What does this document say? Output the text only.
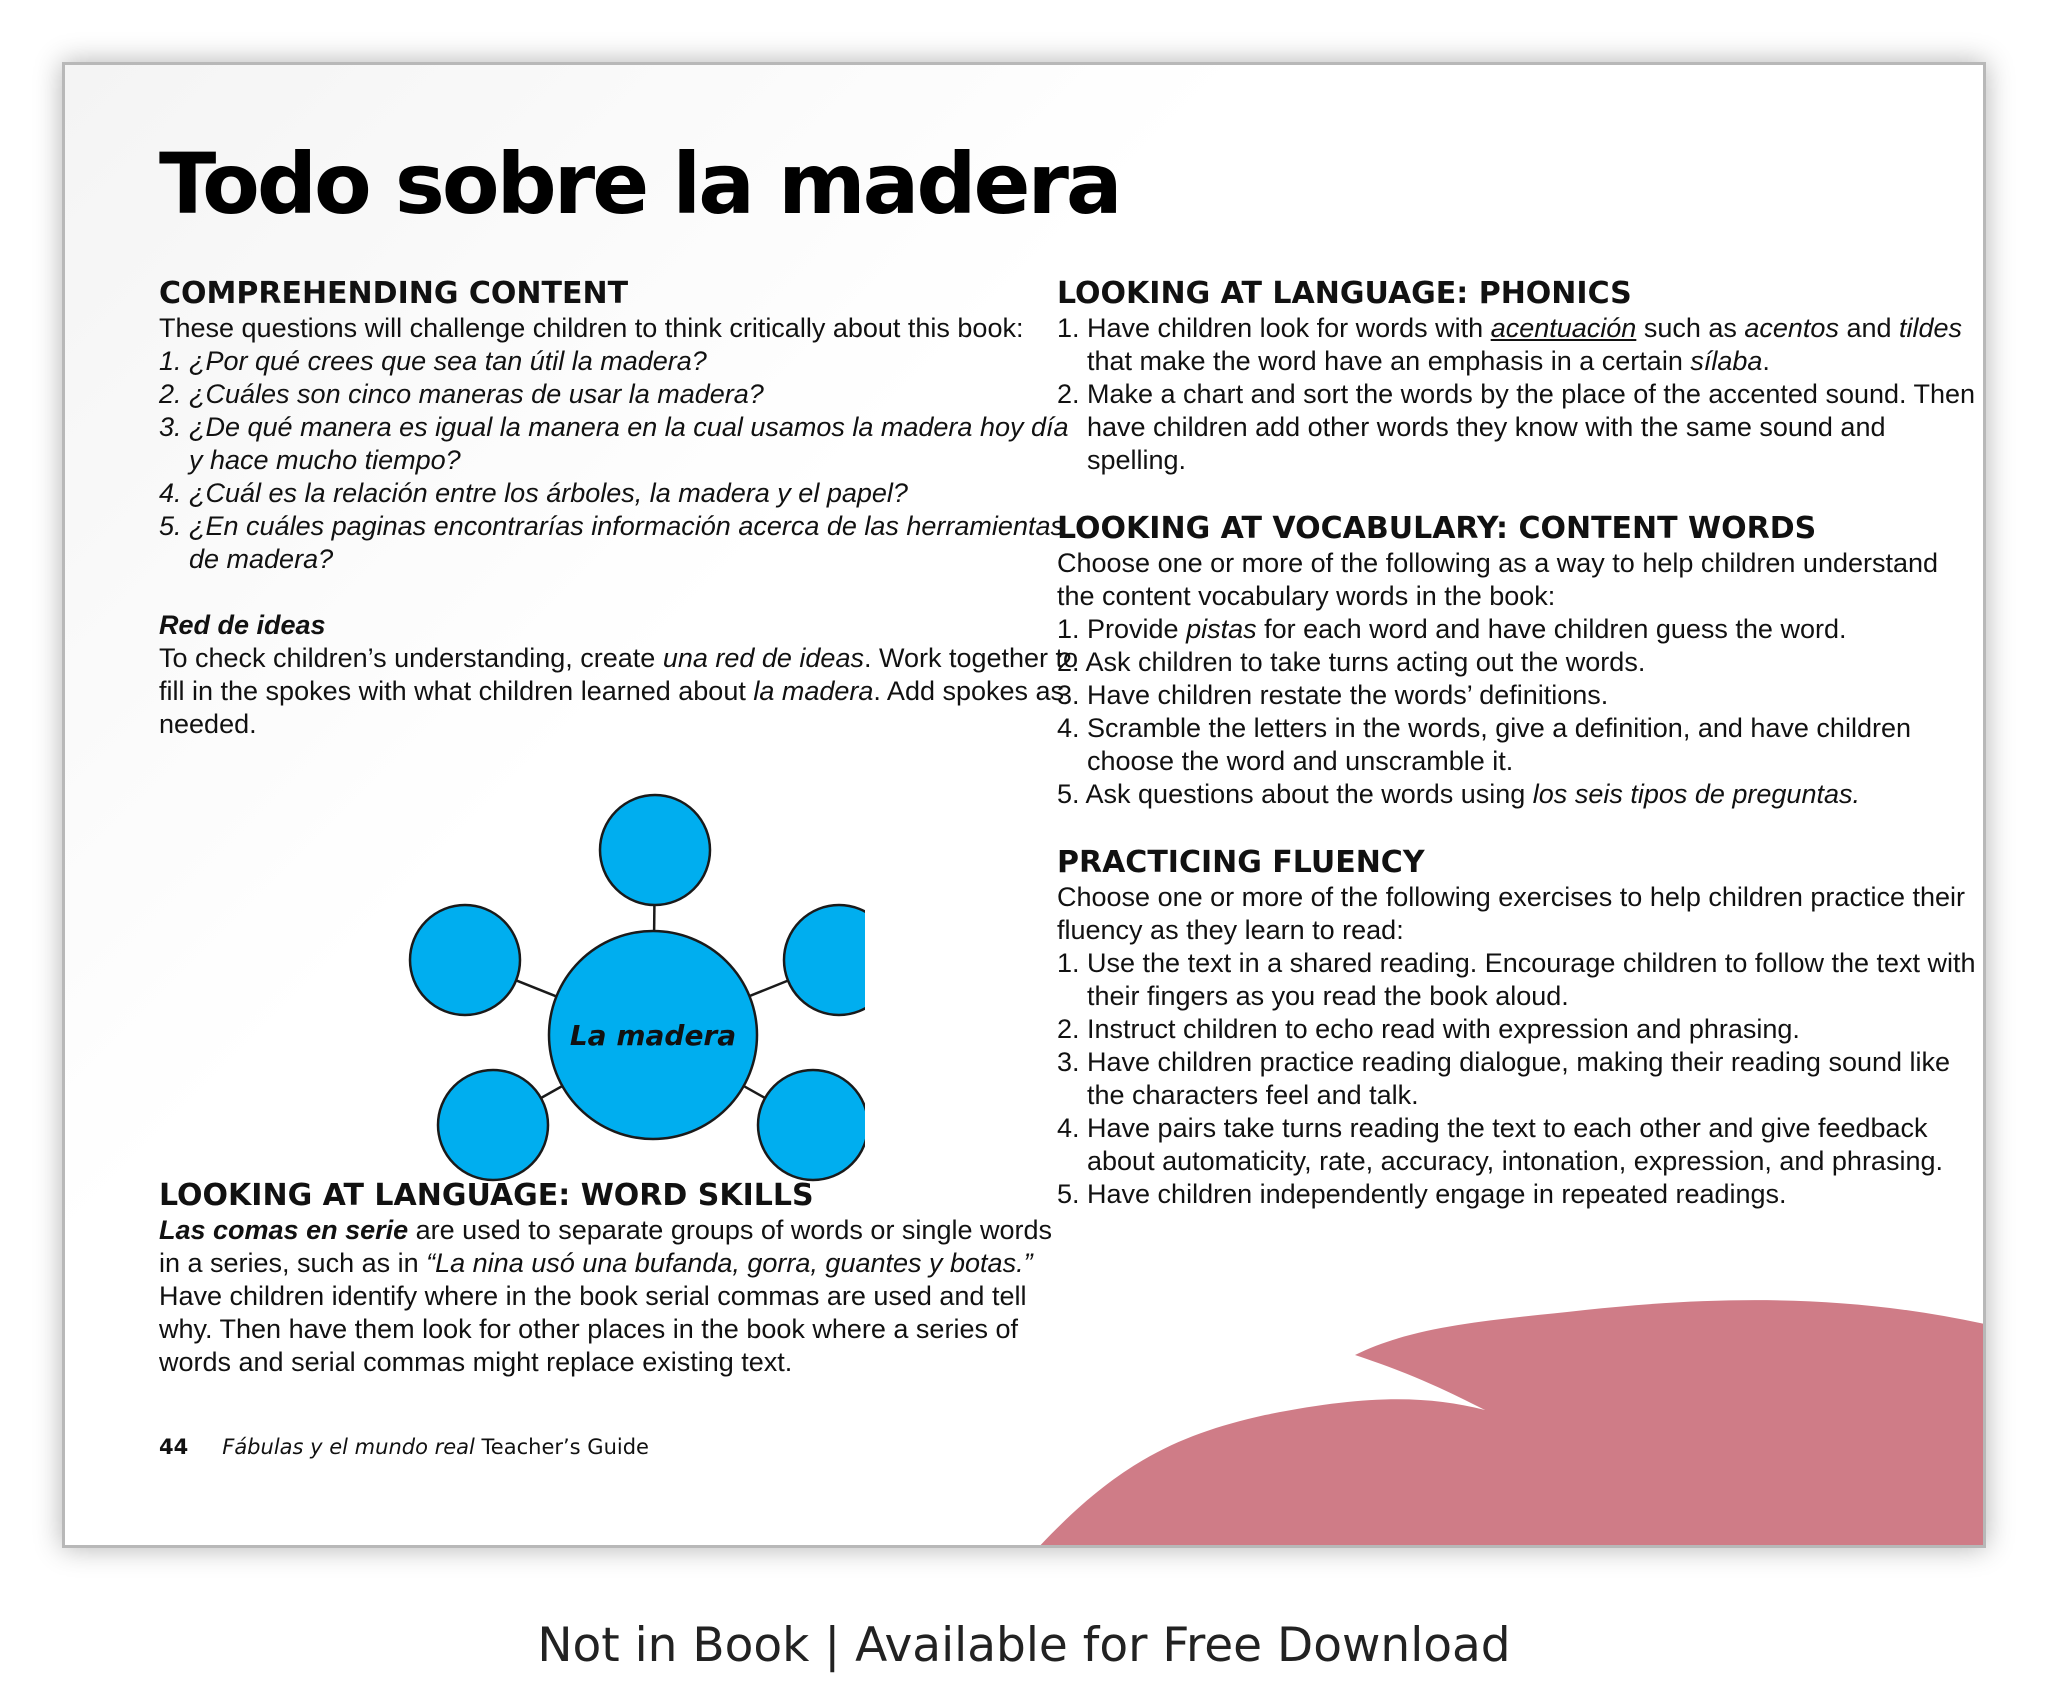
Todo sobre la madera
COMPREHENDING CONTENT

These questions will challenge children to think critically about this book:

1. ¿Por qué crees que sea tan útil la madera?
2. ¿Cuáles son cinco maneras de usar la madera?
3. ¿De qué manera es igual la manera en la cual usamos la madera hoy día y hace mucho tiempo?
4. ¿Cuál es la relación entre los árboles, la madera y el papel?
5. ¿En cuáles paginas encontrarías información acerca de las herramientas de madera?

Red de ideas

To check children’s understanding, create una red de ideas. Work together to fill in the spokes with what children learned about la madera. Add spokes as needed.

La madera
LOOKING AT LANGUAGE: WORD SKILLS

Las comas en serie are used to separate groups of words or single words in a series, such as in “La nina usó una bufanda, gorra, guantes y botas.” Have children identify where in the book serial commas are used and tell why. Then have them look for other places in the book where a series of words and serial commas might replace existing text.

LOOKING AT LANGUAGE: PHONICS
1. Have children look for words with acentuación such as acentos and tildes that make the word have an emphasis in a certain sílaba.
2. Make a chart and sort the words by the place of the accented sound. Then have children add other words they know with the same sound and spelling.
LOOKING AT VOCABULARY: CONTENT WORDS

Choose one or more of the following as a way to help children understand the content vocabulary words in the book:

1. Provide pistas for each word and have children guess the word.
2. Ask children to take turns acting out the words.
3. Have children restate the words’ definitions.
4. Scramble the letters in the words, give a definition, and have children choose the word and unscramble it.
5. Ask questions about the words using los seis tipos de preguntas.
PRACTICING FLUENCY

Choose one or more of the following exercises to help children practice their fluency as they learn to read:

1. Use the text in a shared reading. Encourage children to follow the text with their fingers as you read the book aloud.
2. Instruct children to echo read with expression and phrasing.
3. Have children practice reading dialogue, making their reading sound like the characters feel and talk.
4. Have pairs take turns reading the text to each other and give feedback about automaticity, rate, accuracy, intonation, expression, and phrasing.
5. Have children independently engage in repeated readings.
44 Fábulas y el mundo real Teacher’s Guide
Not in Book | Available for Free Download
